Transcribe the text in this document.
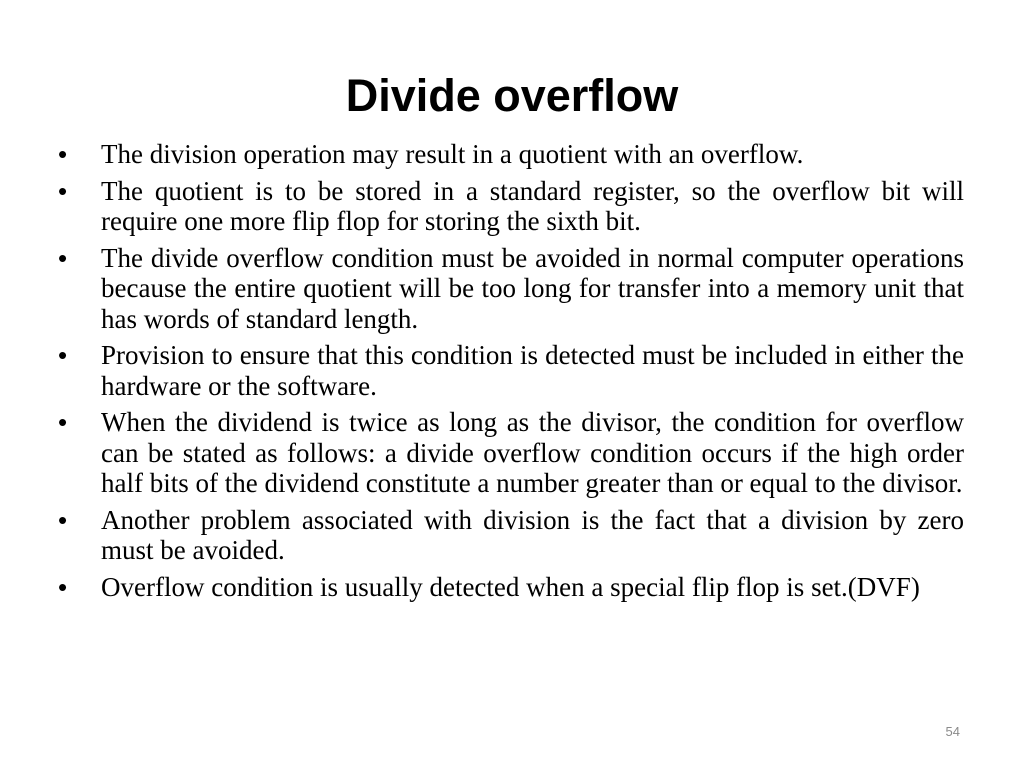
Divide overflow
• The division operation may result in a quotient with an overflow.
• The quotient is to be stored in a standard register, so the overflow bit will require one more flip flop for storing the sixth bit.
• The divide overflow condition must be avoided in normal computer operations because the entire quotient will be too long for transfer into a memory unit that has words of standard length.
• Provision to ensure that this condition is detected must be included in either the hardware or the software.
• When the dividend is twice as long as the divisor, the condition for overflow can be stated as follows: a divide overflow condition occurs if the high order half bits of the dividend constitute a number greater than or equal to the divisor.
• Another problem associated with division is the fact that a division by zero must be avoided.
• Overflow condition is usually detected when a special flip flop is set.(DVF)
54
